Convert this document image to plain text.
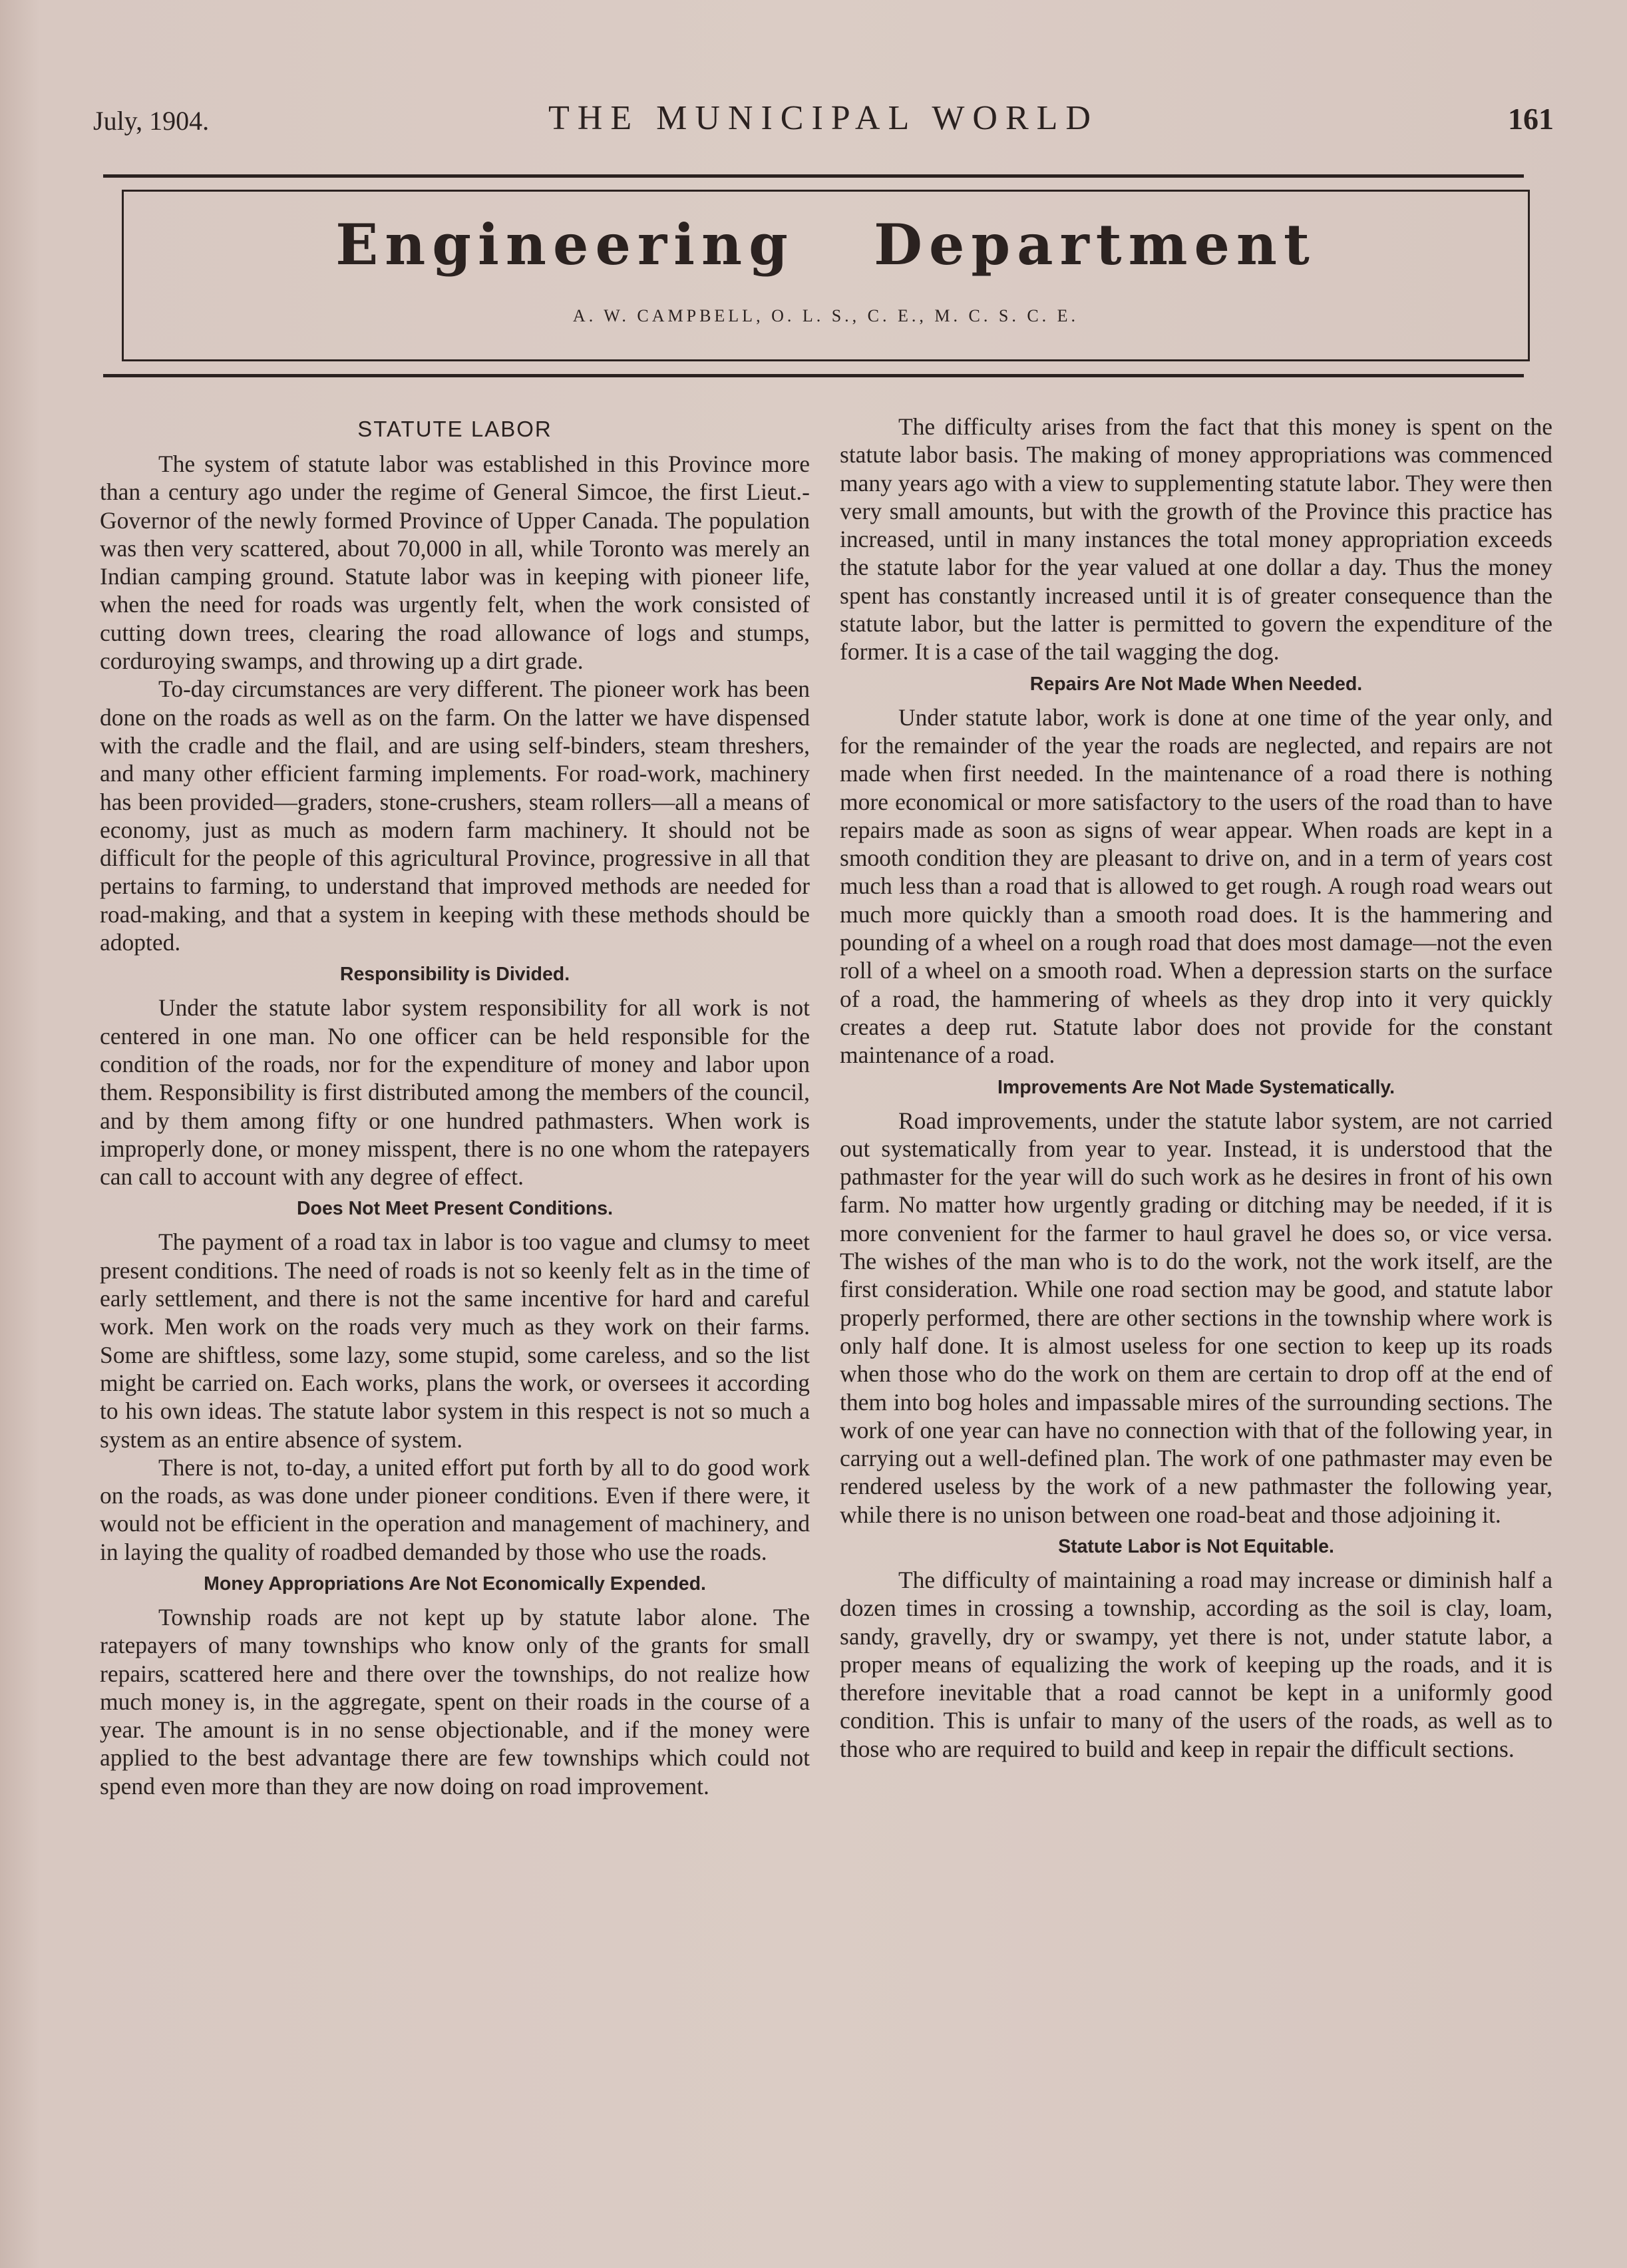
July, 1904.	THE MUNICIPAL WORLD	161
Engineering Department
A. W. CAMPBELL, O. L. S., C. E., M. C. S. C. E.
STATUTE LABOR

The system of statute labor was established in this Province more than a century ago under the regime of General Simcoe, the first Lieut.-Governor of the newly formed Province of Upper Canada. The population was then very scattered, about 70,000 in all, while Toronto was merely an Indian camping ground. Statute labor was in keeping with pioneer life, when the need for roads was urgently felt, when the work consisted of cutting down trees, clearing the road allowance of logs and stumps, corduroying swamps, and throwing up a dirt grade.

To-day circumstances are very different. The pioneer work has been done on the roads as well as on the farm. On the latter we have dispensed with the cradle and the flail, and are using self-binders, steam threshers, and many other efficient farming implements. For road-work, machinery has been provided—graders, stone-crushers, steam rollers—all a means of economy, just as much as modern farm machinery. It should not be difficult for the people of this agricultural Province, progressive in all that pertains to farming, to understand that improved methods are needed for road-making, and that a system in keeping with these methods should be adopted.

Responsibility is Divided.

Under the statute labor system responsibility for all work is not centered in one man. No one officer can be held responsible for the condition of the roads, nor for the expenditure of money and labor upon them. Responsibility is first distributed among the members of the council, and by them among fifty or one hundred pathmasters. When work is improperly done, or money misspent, there is no one whom the ratepayers can call to account with any degree of effect.

Does Not Meet Present Conditions.

The payment of a road tax in labor is too vague and clumsy to meet present conditions. The need of roads is not so keenly felt as in the time of early settlement, and there is not the same incentive for hard and careful work. Men work on the roads very much as they work on their farms. Some are shiftless, some lazy, some stupid, some careless, and so the list might be carried on. Each works, plans the work, or oversees it according to his own ideas. The statute labor system in this respect is not so much a system as an entire absence of system.

There is not, to-day, a united effort put forth by all to do good work on the roads, as was done under pioneer conditions. Even if there were, it would not be efficient in the operation and management of machinery, and in laying the quality of roadbed demanded by those who use the roads.

Money Appropriations Are Not Economically Expended.

Township roads are not kept up by statute labor alone. The ratepayers of many townships who know only of the grants for small repairs, scattered here and there over the townships, do not realize how much money is, in the aggregate, spent on their roads in the course of a year. The amount is in no sense objectionable, and if the money were applied to the best advantage there are few townships which could not spend even more than they are now doing on road improvement.

The difficulty arises from the fact that this money is spent on the statute labor basis. The making of money appropriations was commenced many years ago with a view to supplementing statute labor. They were then very small amounts, but with the growth of the Province this practice has increased, until in many instances the total money appropriation exceeds the statute labor for the year valued at one dollar a day. Thus the money spent has constantly increased until it is of greater consequence than the statute labor, but the latter is permitted to govern the expenditure of the former. It is a case of the tail wagging the dog.

Repairs Are Not Made When Needed.

Under statute labor, work is done at one time of the year only, and for the remainder of the year the roads are neglected, and repairs are not made when first needed. In the maintenance of a road there is nothing more economical or more satisfactory to the users of the road than to have repairs made as soon as signs of wear appear. When roads are kept in a smooth condition they are pleasant to drive on, and in a term of years cost much less than a road that is allowed to get rough. A rough road wears out much more quickly than a smooth road does. It is the hammering and pounding of a wheel on a rough road that does most damage—not the even roll of a wheel on a smooth road. When a depression starts on the surface of a road, the hammering of wheels as they drop into it very quickly creates a deep rut. Statute labor does not provide for the constant maintenance of a road.

Improvements Are Not Made Systematically.

Road improvements, under the statute labor system, are not carried out systematically from year to year. Instead, it is understood that the pathmaster for the year will do such work as he desires in front of his own farm. No matter how urgently grading or ditching may be needed, if it is more convenient for the farmer to haul gravel he does so, or vice versa. The wishes of the man who is to do the work, not the work itself, are the first consideration. While one road section may be good, and statute labor properly performed, there are other sections in the township where work is only half done. It is almost useless for one section to keep up its roads when those who do the work on them are certain to drop off at the end of them into bog holes and impassable mires of the surrounding sections. The work of one year can have no connection with that of the following year, in carrying out a well-defined plan. The work of one pathmaster may even be rendered useless by the work of a new pathmaster the following year, while there is no unison between one road-beat and those adjoining it.

Statute Labor is Not Equitable.

The difficulty of maintaining a road may increase or diminish half a dozen times in crossing a township, according as the soil is clay, loam, sandy, gravelly, dry or swampy, yet there is not, under statute labor, a proper means of equalizing the work of keeping up the roads, and it is therefore inevitable that a road cannot be kept in a uniformly good condition. This is unfair to many of the users of the roads, as well as to those who are required to build and keep in repair the difficult sections.
